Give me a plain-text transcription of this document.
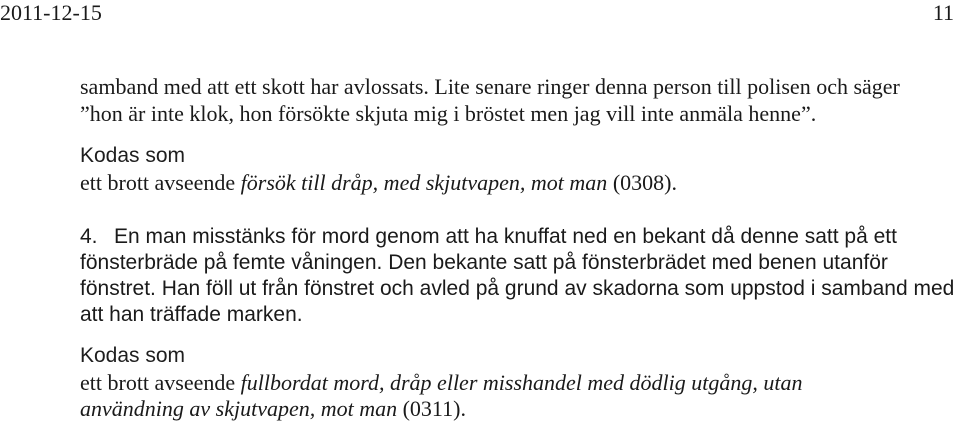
2011-12-15	11
samband med att ett skott har avlossats. Lite senare ringer denna person till polisen och säger
”hon är inte klok, hon försökte skjuta mig i bröstet men jag vill inte anmäla henne”.
Kodas som
ett brott avseende försök till dråp, med skjutvapen, mot man (0308).
4. En man misstänks för mord genom att ha knuffat ned en bekant då denne satt på ett
fönsterbräde på femte våningen. Den bekante satt på fönsterbrädet med benen utanför
fönstret. Han föll ut från fönstret och avled på grund av skadorna som uppstod i samband med
att han träffade marken.
Kodas som
ett brott avseende fullbordat mord, dråp eller misshandel med dödlig utgång, utan
användning av skjutvapen, mot man (0311).
